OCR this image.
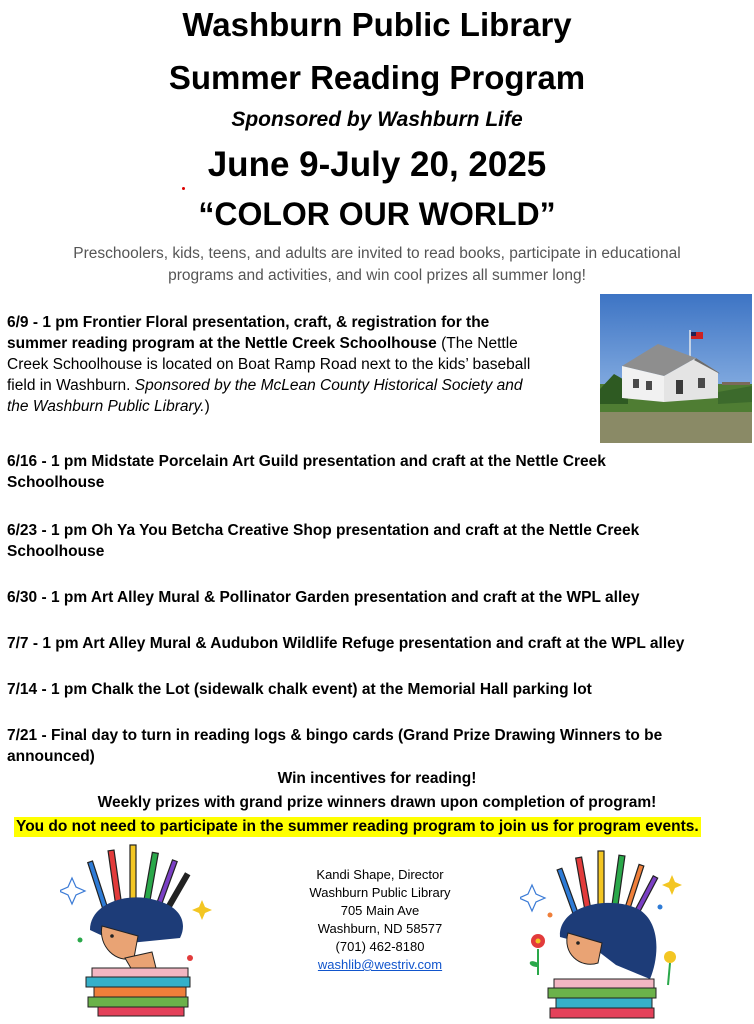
Washburn Public Library
Summer Reading Program
Sponsored by Washburn Life
June 9-July 20, 2025
“COLOR OUR WORLD”
Preschoolers, kids, teens, and adults are invited to read books, participate in educational
programs and activities, and win cool prizes all summer long!
6/9 - 1 pm Frontier Floral presentation, craft, & registration for the
summer reading program at the Nettle Creek Schoolhouse (The Nettle
Creek Schoolhouse is located on Boat Ramp Road next to the kids’ baseball
field in Washburn. Sponsored by the McLean County Historical Society and
the Washburn Public Library.)
6/16 - 1 pm Midstate Porcelain Art Guild presentation and craft at the Nettle Creek
Schoolhouse
6/23 - 1 pm Oh Ya You Betcha Creative Shop presentation and craft at the Nettle Creek
Schoolhouse
6/30 - 1 pm Art Alley Mural & Pollinator Garden presentation and craft at the WPL alley
7/7 - 1 pm Art Alley Mural & Audubon Wildlife Refuge presentation and craft at the WPL alley
7/14 - 1 pm Chalk the Lot (sidewalk chalk event) at the Memorial Hall parking lot
7/21 - Final day to turn in reading logs & bingo cards (Grand Prize Drawing Winners to be
announced)
Win incentives for reading!
Weekly prizes with grand prize winners drawn upon completion of program!
You do not need to participate in the summer reading program to join us for program events.
Kandi Shape, Director
Washburn Public Library
705 Main Ave
Washburn, ND 58577
(701) 462-8180
washlib@westriv.com
